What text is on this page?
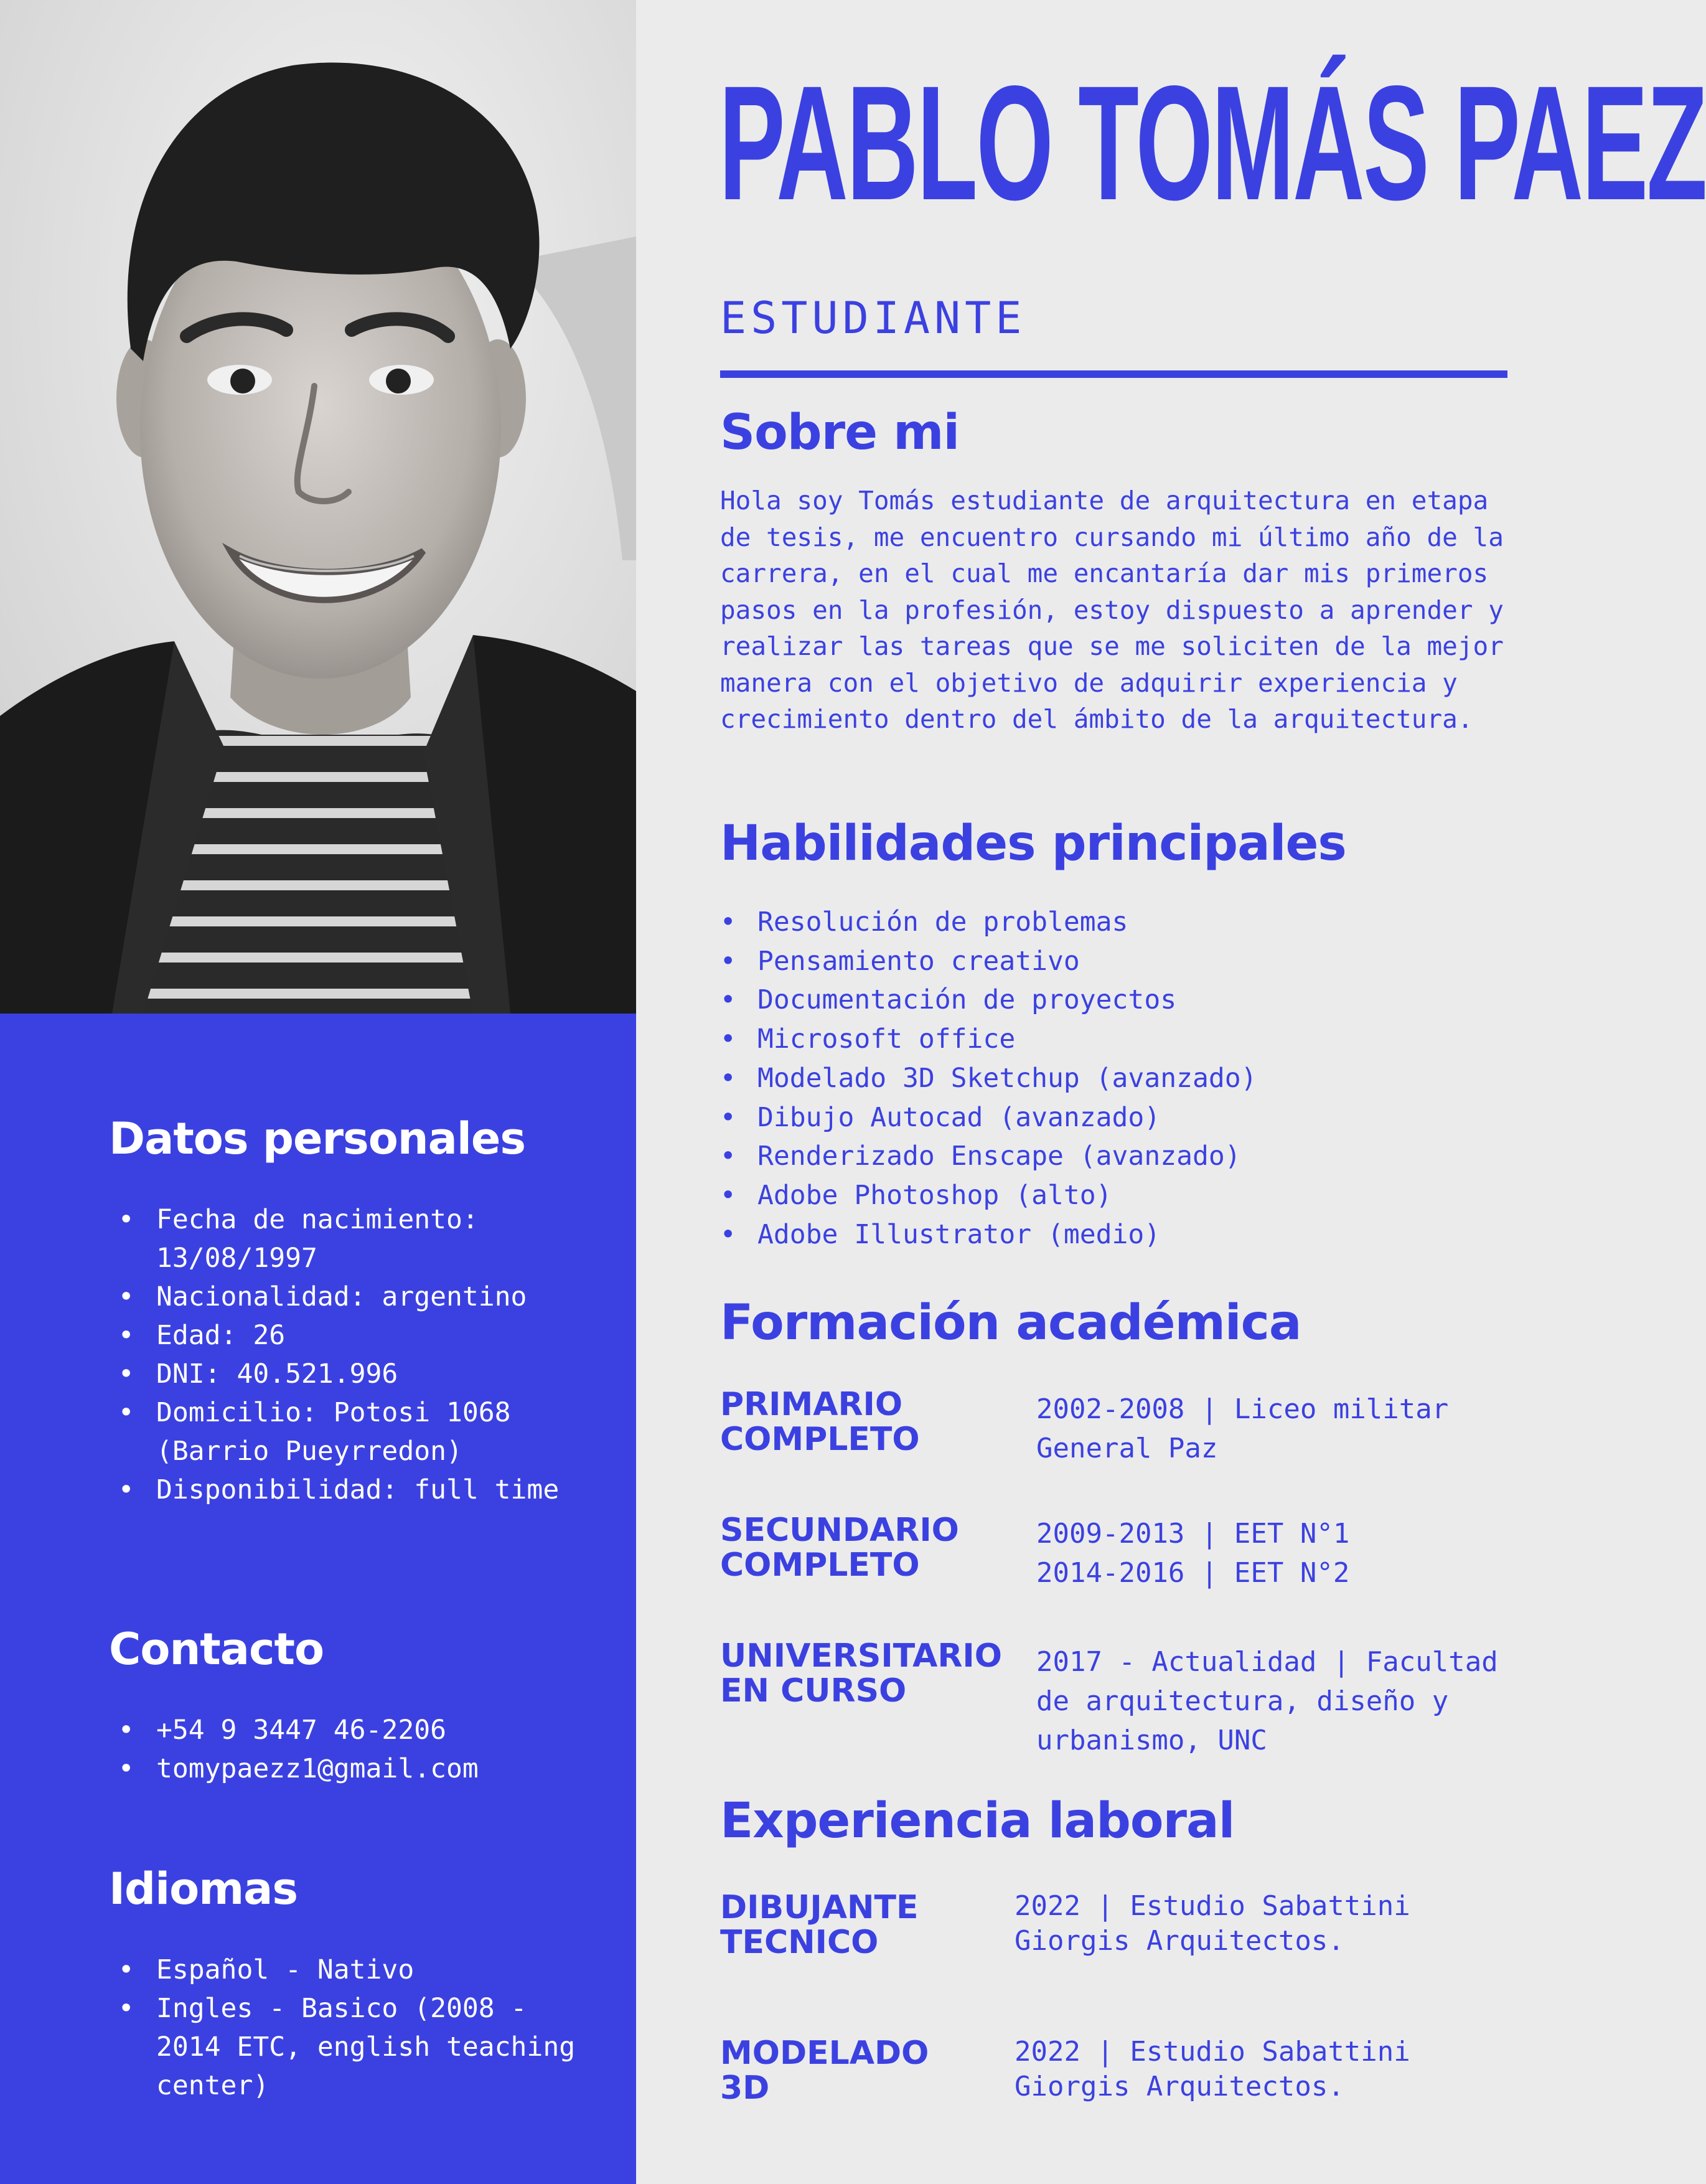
Datos personales
• Fecha de nacimiento: 13/08/1997
• Nacionalidad: argentino
• Edad: 26
• DNI: 40.521.996
• Domicilio: Potosi 1068 (Barrio Pueyrredon)
• Disponibilidad: full time
Contacto
• +54 9 3447 46-2206
• tomypaezz1@gmail.com
Idiomas
• Español - Nativo
• Ingles - Basico (2008 - 2014 ETC, english teaching center)
PABLO TOMÁS PAEZ

ESTUDIANTE

Sobre mi

Hola soy Tomás estudiante de arquitectura en etapa de tesis, me encuentro cursando mi último año de la carrera, en el cual me encantaría dar mis primeros pasos en la profesión, estoy dispuesto a aprender y realizar las tareas que se me soliciten de la mejor manera con el objetivo de adquirir experiencia y crecimiento dentro del ámbito de la arquitectura.

Habilidades principales
• Resolución de problemas
• Pensamiento creativo
• Documentación de proyectos
• Microsoft office
• Modelado 3D Sketchup (avanzado)
• Dibujo Autocad (avanzado)
• Renderizado Enscape (avanzado)
• Adobe Photoshop (alto)
• Adobe Illustrator (medio)
Formación académica
PRIMARIO
COMPLETO

2002-2008 | Liceo militar
General Paz

SECUNDARIO
COMPLETO

2009-2013 | EET N°1
2014-2016 | EET N°2

UNIVERSITARIO
EN CURSO

2017 - Actualidad | Facultad
de arquitectura, diseño y
urbanismo, UNC

Experiencia laboral
DIBUJANTE
TECNICO

2022 | Estudio Sabattini
Giorgis Arquitectos.

MODELADO
3D

2022 | Estudio Sabattini
Giorgis Arquitectos.
